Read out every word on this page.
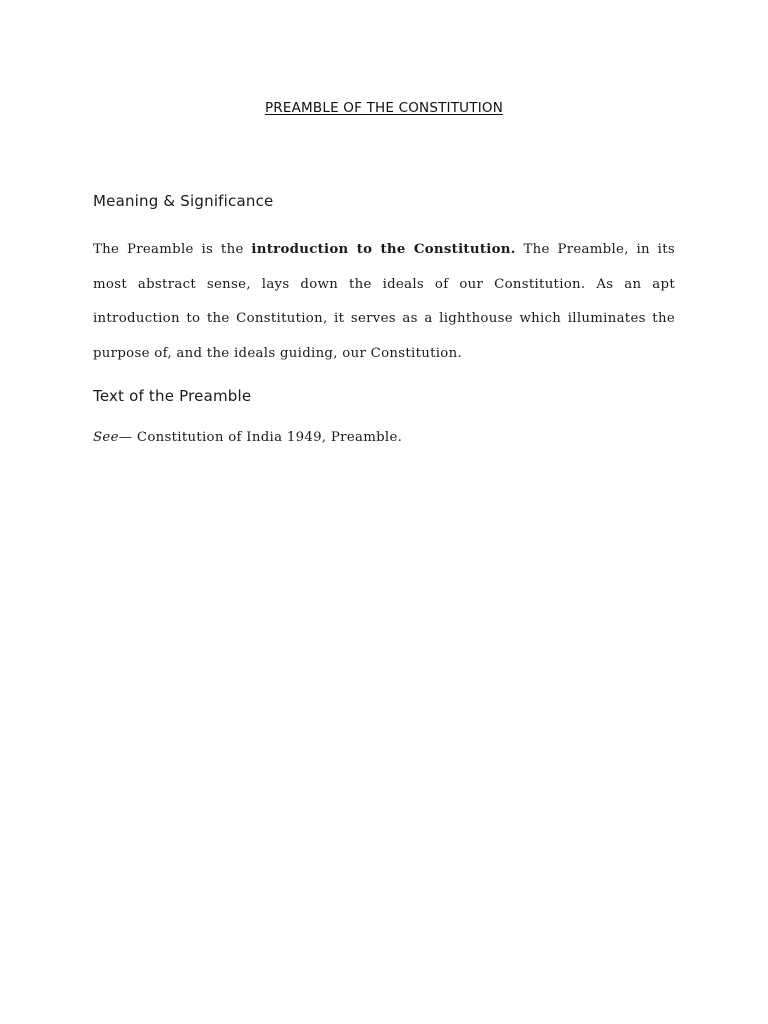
PREAMBLE OF THE CONSTITUTION
Meaning & Significance
The Preamble is the introduction to the Constitution. The Preamble, in its most abstract sense, lays down the ideals of our Constitution. As an apt introduction to the Constitution, it serves as a lighthouse which illuminates the purpose of, and the ideals guiding, our Constitution.
Text of the Preamble
See— Constitution of India 1949, Preamble.
